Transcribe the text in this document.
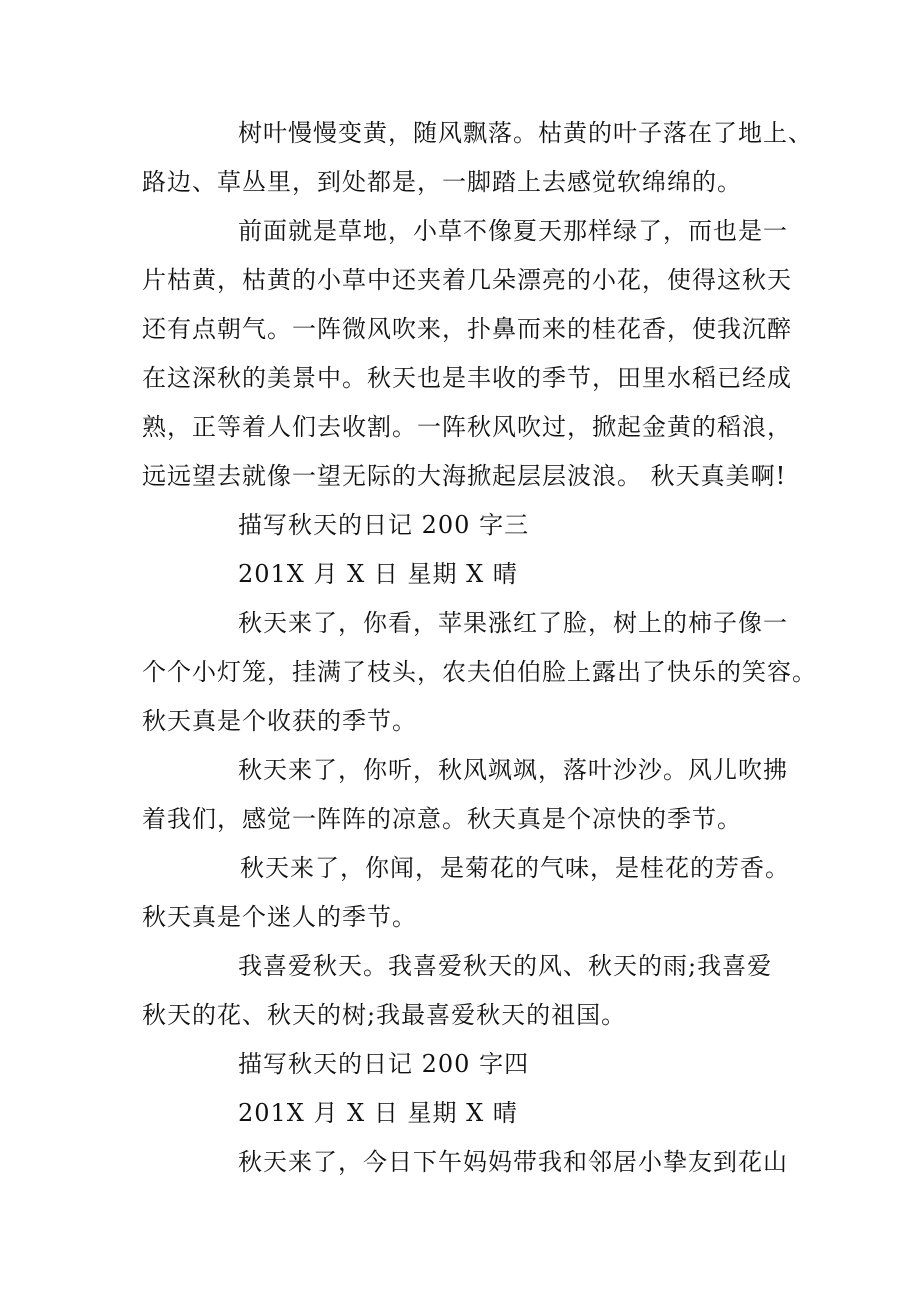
树叶慢慢变黄，随风飘落。枯黄的叶子落在了地上、
路边、草丛里，到处都是，一脚踏上去感觉软绵绵的。
前面就是草地，小草不像夏天那样绿了，而也是一
片枯黄，枯黄的小草中还夹着几朵漂亮的小花，使得这秋天
还有点朝气。一阵微风吹来，扑鼻而来的桂花香，使我沉醉
在这深秋的美景中。秋天也是丰收的季节，田里水稻已经成
熟，正等着人们去收割。一阵秋风吹过，掀起金黄的稻浪，
远远望去就像一望无际的大海掀起层层波浪。 秋天真美啊!
描写秋天的日记 200 字三
201X 月 X 日 星期 X 晴
秋天来了，你看，苹果涨红了脸，树上的柿子像一
个个小灯笼，挂满了枝头，农夫伯伯脸上露出了快乐的笑容。
秋天真是个收获的季节。
秋天来了，你听，秋风飒飒，落叶沙沙。风儿吹拂
着我们，感觉一阵阵的凉意。秋天真是个凉快的季节。
秋天来了，你闻，是菊花的气味，是桂花的芳香。
秋天真是个迷人的季节。
我喜爱秋天。我喜爱秋天的风、秋天的雨;我喜爱
秋天的花、秋天的树;我最喜爱秋天的祖国。
描写秋天的日记 200 字四
201X 月 X 日 星期 X 晴
秋天来了，今日下午妈妈带我和邻居小挚友到花山
